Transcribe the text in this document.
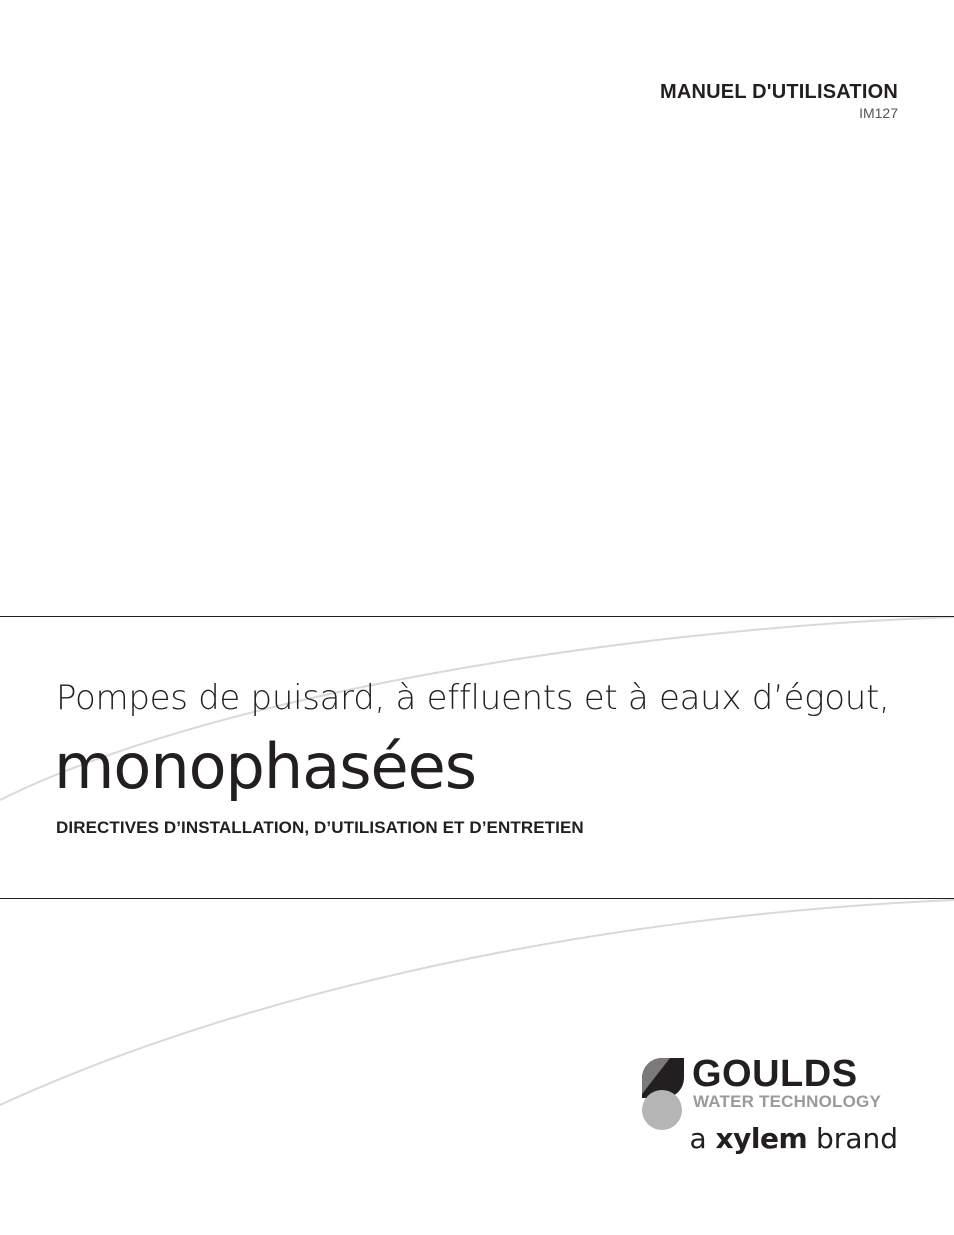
MANUEL D'UTILISATION
IM127
Pompes de puisard, à effluents et à eaux d’égout,
monophasées
DIRECTIVES D’INSTALLATION, D’UTILISATION ET D’ENTRETIEN
GOULDS
WATER TECHNOLOGY
a xylem brand
